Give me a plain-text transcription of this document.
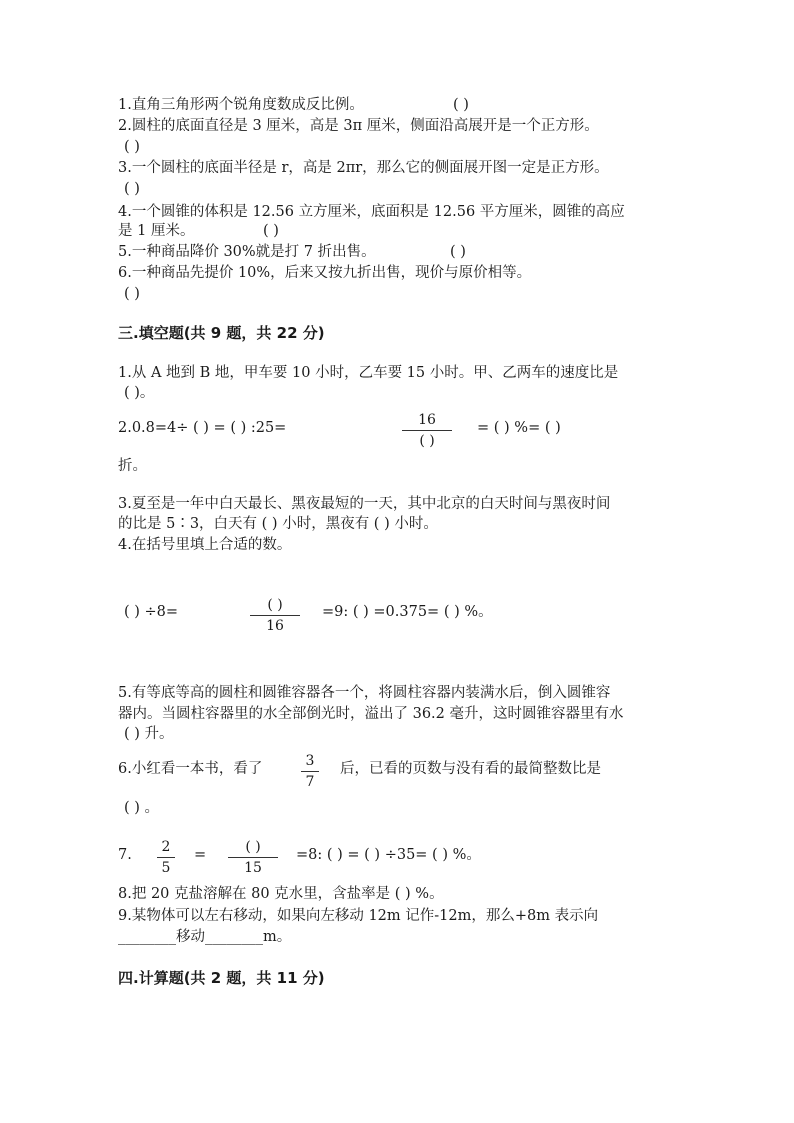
1.直角三角形两个锐角度数成反比例。	( )
2.圆柱的底面直径是 3 厘米，高是 3π 厘米，侧面沿高展开是一个正方形。
( )
3.一个圆柱的底面半径是 r，高是 2πr，那么它的侧面展开图一定是正方形。
( )
4.一个圆锥的体积是 12.56 立方厘米，底面积是 12.56 平方厘米，圆锥的高应
是 1 厘米。	( )
5.一种商品降价 30%就是打 7 折出售。	( )
6.一种商品先提价 10%，后来又按九折出售，现价与原价相等。
( )
三.填空题(共 9 题，共 22 分)
1.从 A 地到 B 地，甲车要 10 小时，乙车要 15 小时。甲、乙两车的速度比是
( )。
2.0.8=4÷ ( ) = ( ) :25=	16
( )
= ( ) %= ( )
折。
3.夏至是一年中白天最长、黑夜最短的一天，其中北京的白天时间与黑夜时间
的比是 5∶3，白天有 ( ) 小时，黑夜有 ( ) 小时。
4.在括号里填上合适的数。
( ) ÷8=	( )
16
=9: ( ) =0.375= ( ) %。
5.有等底等高的圆柱和圆锥容器各一个，将圆柱容器内装满水后，倒入圆锥容
器内。当圆柱容器里的水全部倒光时，溢出了 36.2 毫升，这时圆锥容器里有水
( ) 升。
6.小红看一本书，看了	3
7
后，已看的页数与没有看的最简整数比是
( ) 。
7.	2
5
=	( )
15
=8: ( ) = ( ) ÷35= ( ) %。
8.把 20 克盐溶解在 80 克水里，含盐率是 ( ) %。
9.某物体可以左右移动，如果向左移动 12m 记作-12m，那么+8m 表示向
________移动________m。
四.计算题(共 2 题，共 11 分)
